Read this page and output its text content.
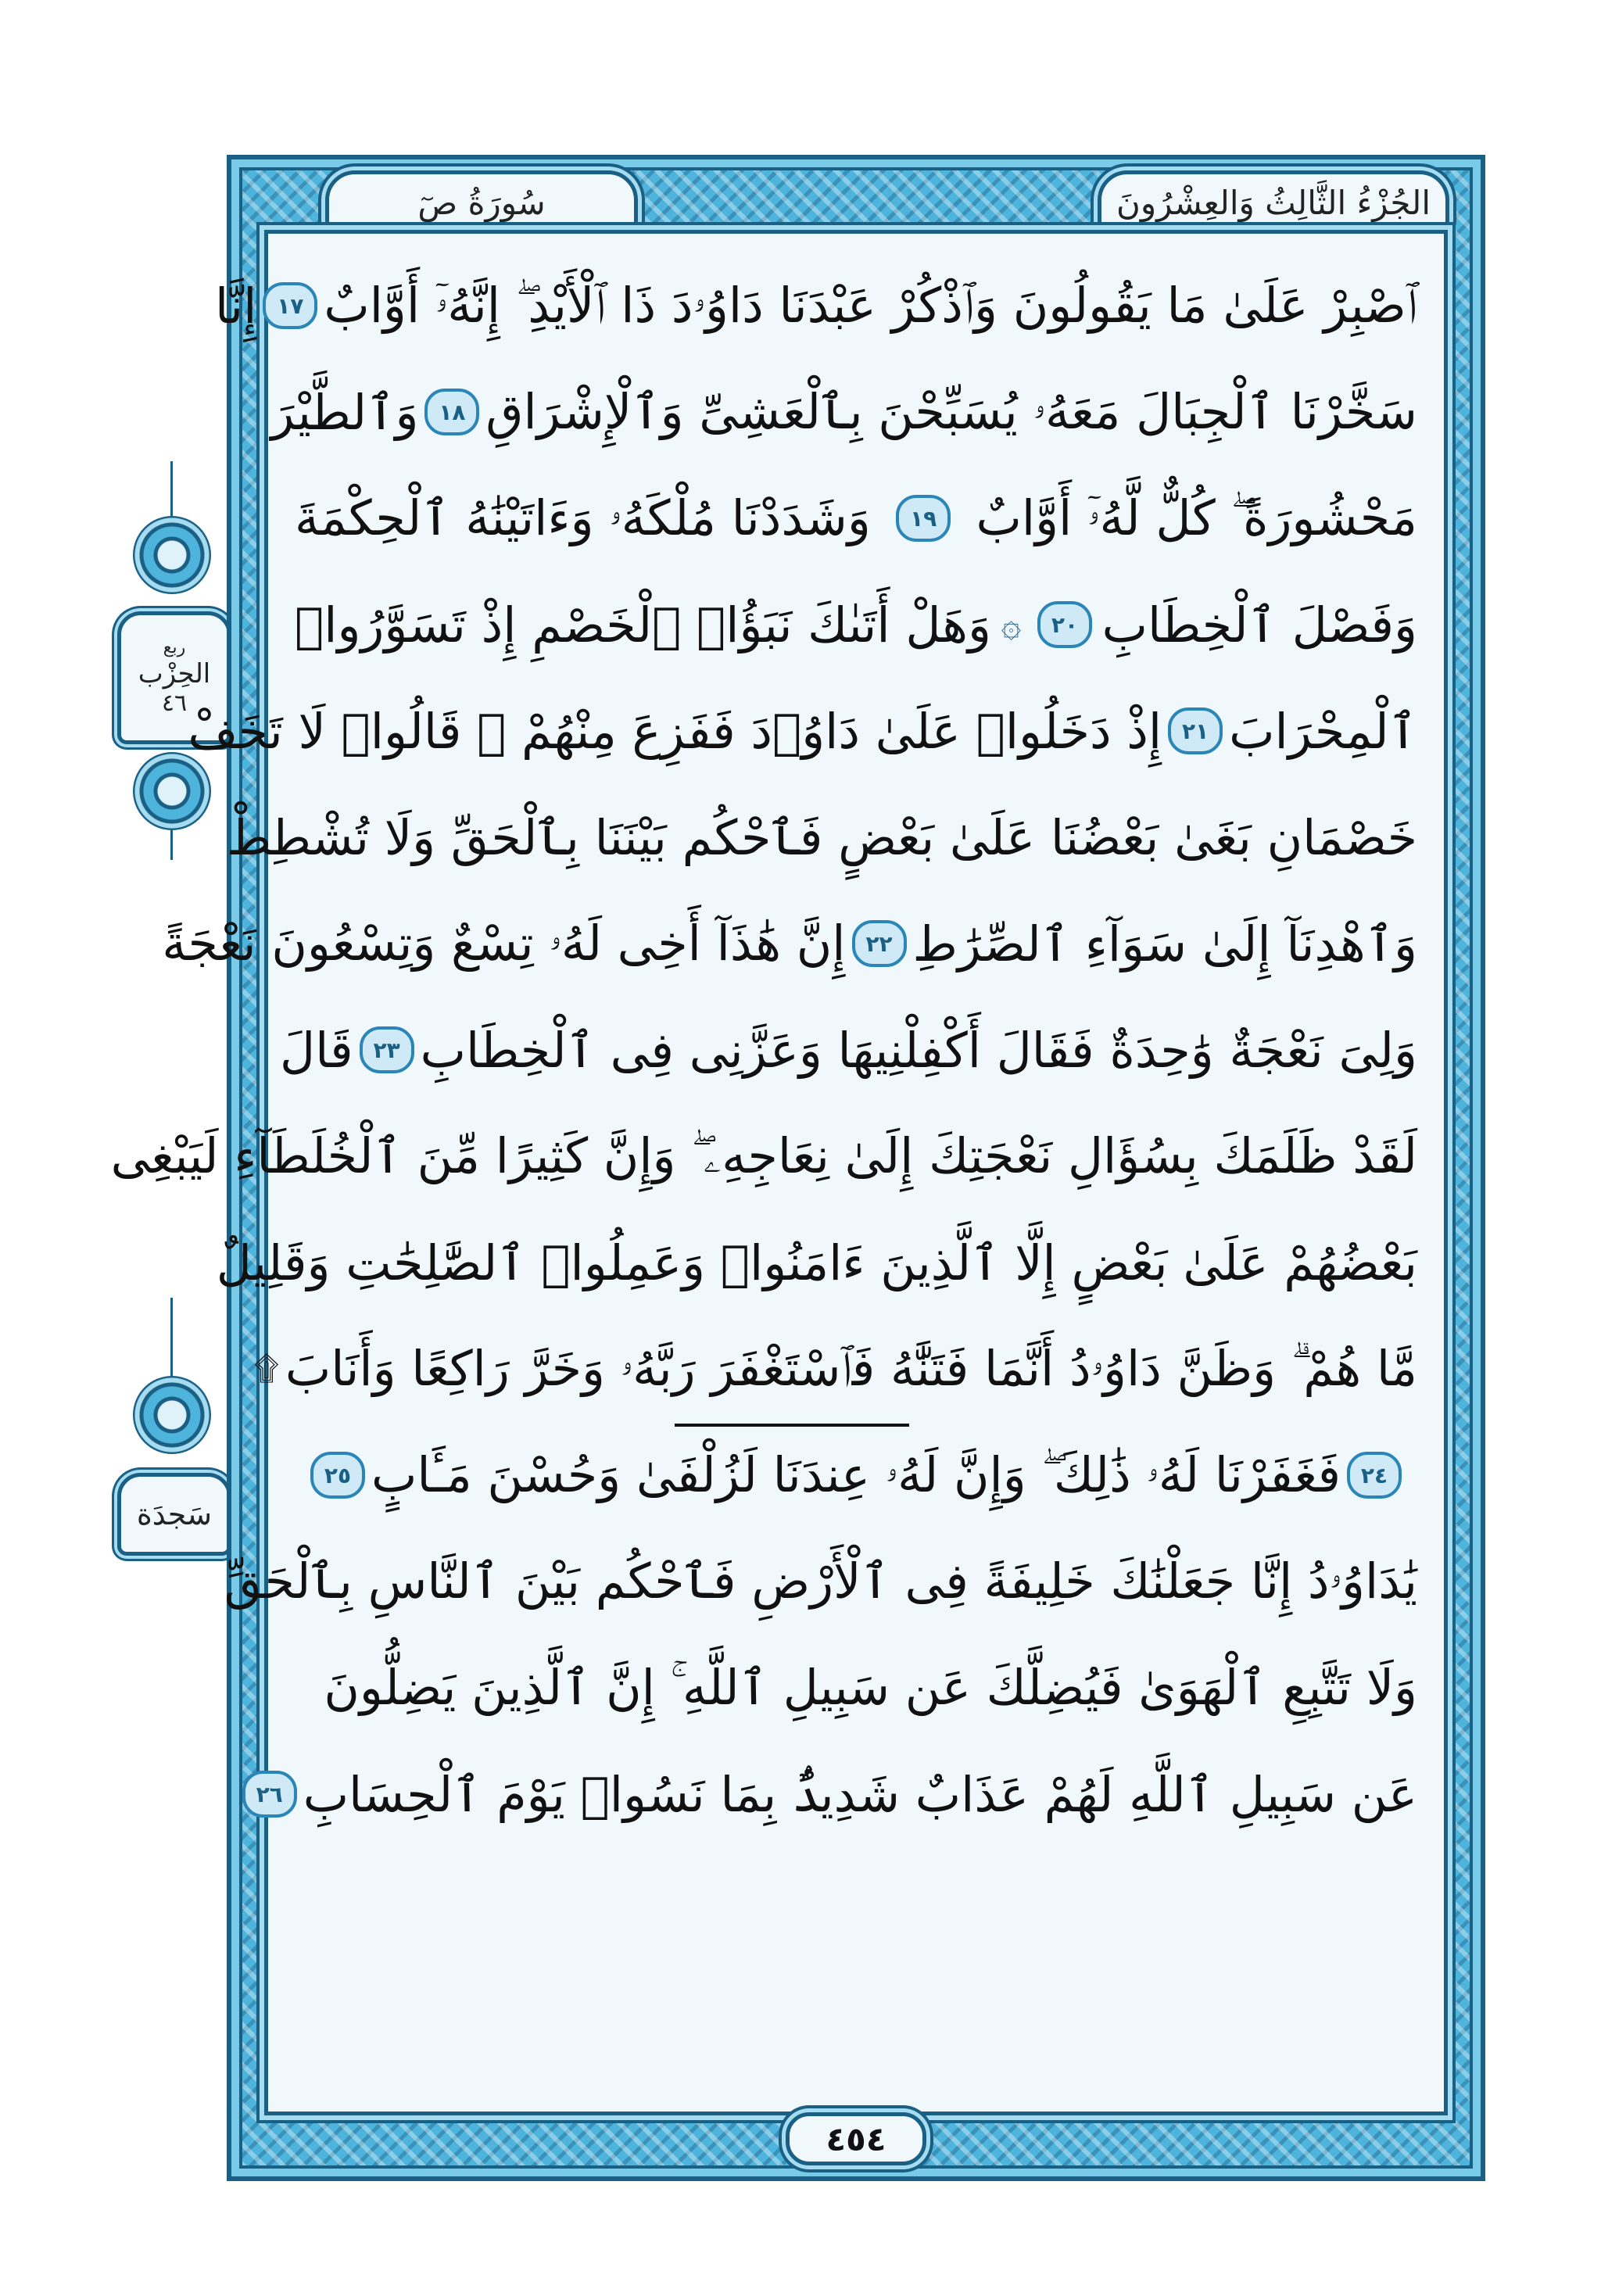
ربع
الحِزْب
٤٦
سَجدَة
الجُزْءُ الثَّالِثُ وَالعِشْرُونَ
سُورَةُ صٓ
ٱصْبِرْ عَلَىٰ مَا يَقُولُونَ وَٱذْكُرْ عَبْدَنَا دَاوُۥدَ ذَا ٱلْأَيْدِ ۖ إِنَّهُۥٓ أَوَّابٌ
١٧
إِنَّا
سَخَّرْنَا ٱلْجِبَالَ مَعَهُۥ يُسَبِّحْنَ بِٱلْعَشِىِّ وَٱلْإِشْرَاقِ
١٨
وَٱلطَّيْرَ
مَحْشُورَةً ۖ كُلٌّ لَّهُۥٓ أَوَّابٌ
١٩
وَشَدَدْنَا مُلْكَهُۥ وَءَاتَيْنَٰهُ ٱلْحِكْمَةَ
وَفَصْلَ ٱلْخِطَابِ
٢٠
۞
وَهَلْ أَتَىٰكَ نَبَؤُا۟ ٱلْخَصْمِ إِذْ تَسَوَّرُوا۟
ٱلْمِحْرَابَ
٢١
إِذْ دَخَلُوا۟ عَلَىٰ دَاوُۥدَ فَفَزِعَ مِنْهُمْ ۖ قَالُوا۟ لَا تَخَفْ
خَصْمَانِ بَغَىٰ بَعْضُنَا عَلَىٰ بَعْضٍ فَٱحْكُم بَيْنَنَا بِٱلْحَقِّ وَلَا تُشْطِطْ
وَٱهْدِنَآ إِلَىٰ سَوَآءِ ٱلصِّرَٰطِ
٢٢
إِنَّ هَٰذَآ أَخِى لَهُۥ تِسْعٌ وَتِسْعُونَ نَعْجَةً
وَلِىَ نَعْجَةٌ وَٰحِدَةٌ فَقَالَ أَكْفِلْنِيهَا وَعَزَّنِى فِى ٱلْخِطَابِ
٢٣
قَالَ
لَقَدْ ظَلَمَكَ بِسُؤَالِ نَعْجَتِكَ إِلَىٰ نِعَاجِهِۦ ۖ وَإِنَّ كَثِيرًا مِّنَ ٱلْخُلَطَآءِ لَيَبْغِى
بَعْضُهُمْ عَلَىٰ بَعْضٍ إِلَّا ٱلَّذِينَ ءَامَنُوا۟ وَعَمِلُوا۟ ٱلصَّٰلِحَٰتِ وَقَلِيلٌ
مَّا هُمْ ۗ وَظَنَّ دَاوُۥدُ أَنَّمَا فَتَنَّٰهُ فَٱسْتَغْفَرَ رَبَّهُۥ وَخَرَّ رَاكِعًا وَأَنَابَ
۩
٢٤
فَغَفَرْنَا لَهُۥ ذَٰلِكَ ۖ وَإِنَّ لَهُۥ عِندَنَا لَزُلْفَىٰ وَحُسْنَ مَـَٔابٍ
٢٥
يَٰدَاوُۥدُ إِنَّا جَعَلْنَٰكَ خَلِيفَةً فِى ٱلْأَرْضِ فَٱحْكُم بَيْنَ ٱلنَّاسِ بِٱلْحَقِّ
وَلَا تَتَّبِعِ ٱلْهَوَىٰ فَيُضِلَّكَ عَن سَبِيلِ ٱللَّهِ ۚ إِنَّ ٱلَّذِينَ يَضِلُّونَ
عَن سَبِيلِ ٱللَّهِ لَهُمْ عَذَابٌ شَدِيدٌۢ بِمَا نَسُوا۟ يَوْمَ ٱلْحِسَابِ
٢٦
٤٥٤
